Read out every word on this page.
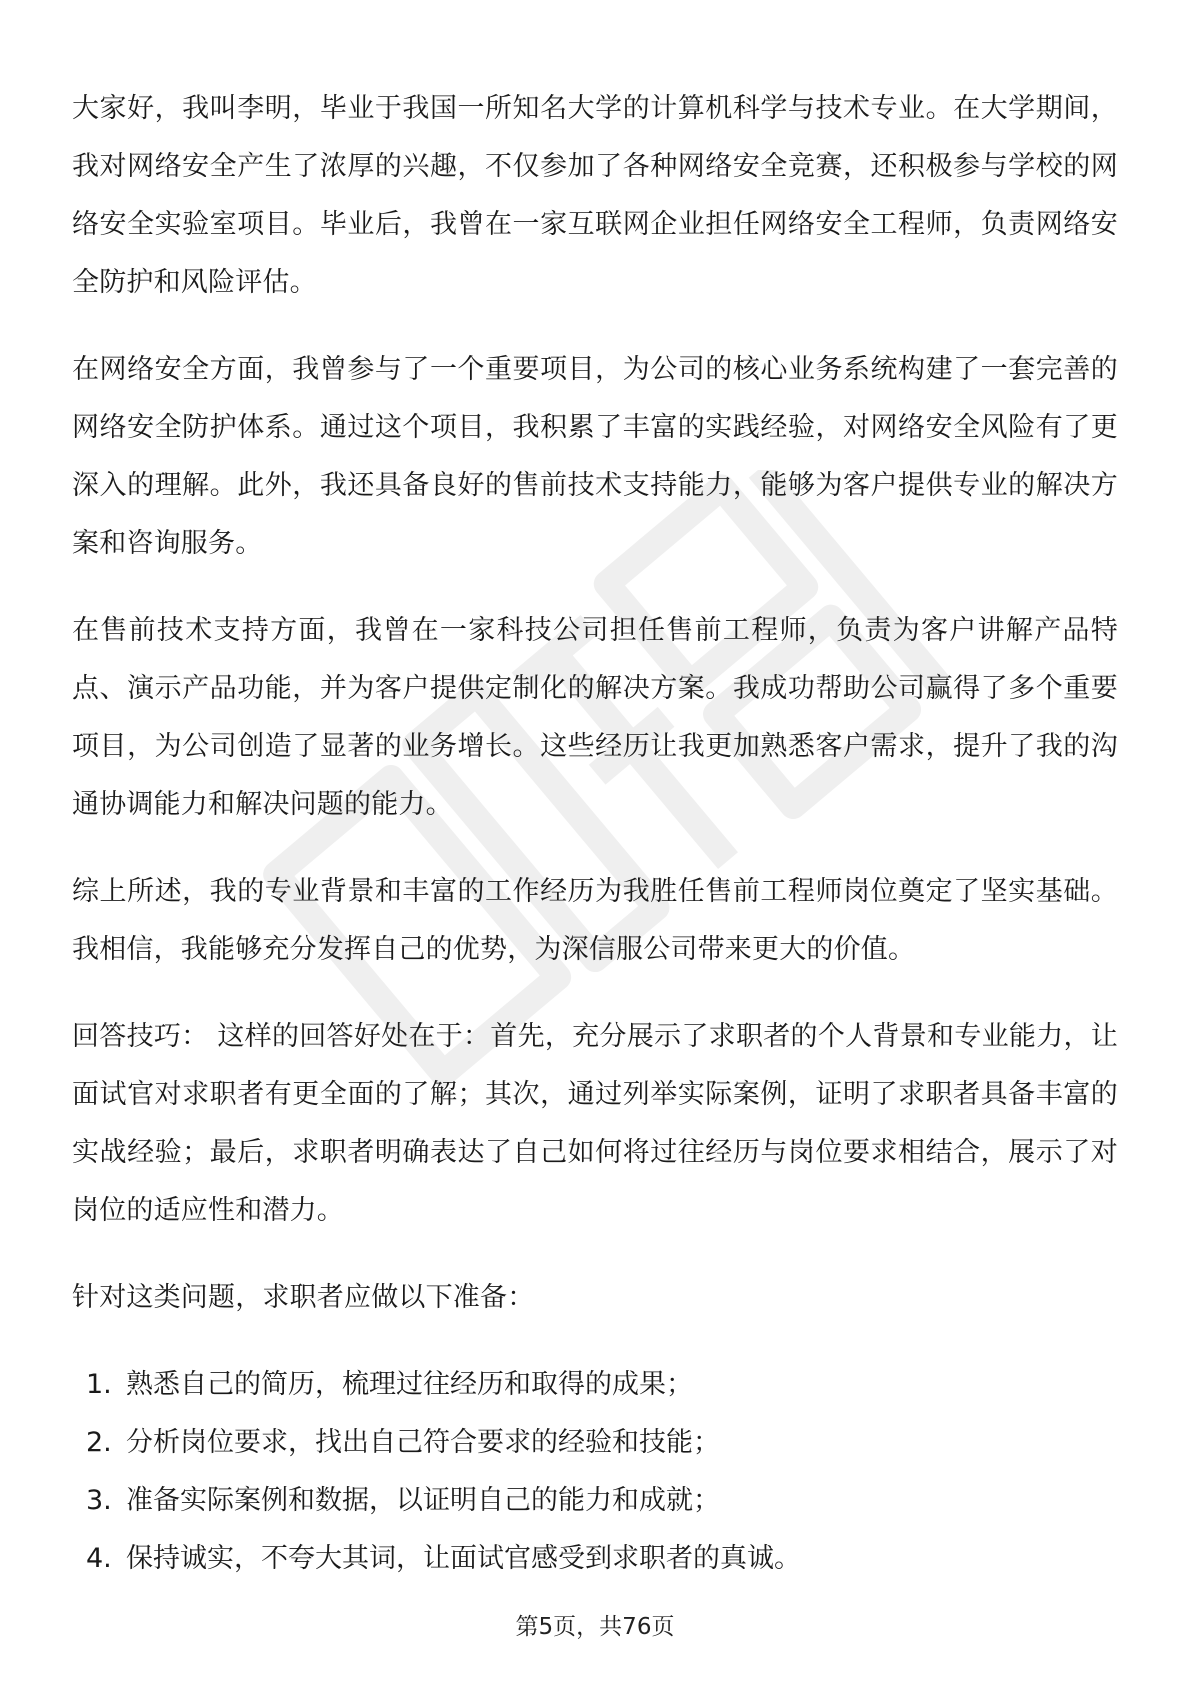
大家好，我叫李明，毕业于我国一所知名大学的计算机科学与技术专业。在大学期间，我对网络安全产生了浓厚的兴趣，不仅参加了各种网络安全竞赛，还积极参与学校的网络安全实验室项目。毕业后，我曾在一家互联网企业担任网络安全工程师，负责网络安全防护和风险评估。

在网络安全方面，我曾参与了一个重要项目，为公司的核心业务系统构建了一套完善的网络安全防护体系。通过这个项目，我积累了丰富的实践经验，对网络安全风险有了更深入的理解。此外，我还具备良好的售前技术支持能力，能够为客户提供专业的解决方案和咨询服务。

在售前技术支持方面，我曾在一家科技公司担任售前工程师，负责为客户讲解产品特点、演示产品功能，并为客户提供定制化的解决方案。我成功帮助公司赢得了多个重要项目，为公司创造了显著的业务增长。这些经历让我更加熟悉客户需求，提升了我的沟通协调能力和解决问题的能力。

综上所述，我的专业背景和丰富的工作经历为我胜任售前工程师岗位奠定了坚实基础。我相信，我能够充分发挥自己的优势，为深信服公司带来更大的价值。

回答技巧： 这样的回答好处在于：首先，充分展示了求职者的个人背景和专业能力，让面试官对求职者有更全面的了解；其次，通过列举实际案例，证明了求职者具备丰富的实战经验；最后，求职者明确表达了自己如何将过往经历与岗位要求相结合，展示了对岗位的适应性和潜力。

针对这类问题，求职者应做以下准备：

1. 熟悉自己的简历，梳理过往经历和取得的成果；
2. 分析岗位要求，找出自己符合要求的经验和技能；
3. 准备实际案例和数据，以证明自己的能力和成就；
4. 保持诚实，不夸大其词，让面试官感受到求职者的真诚。
第5页，共76页
